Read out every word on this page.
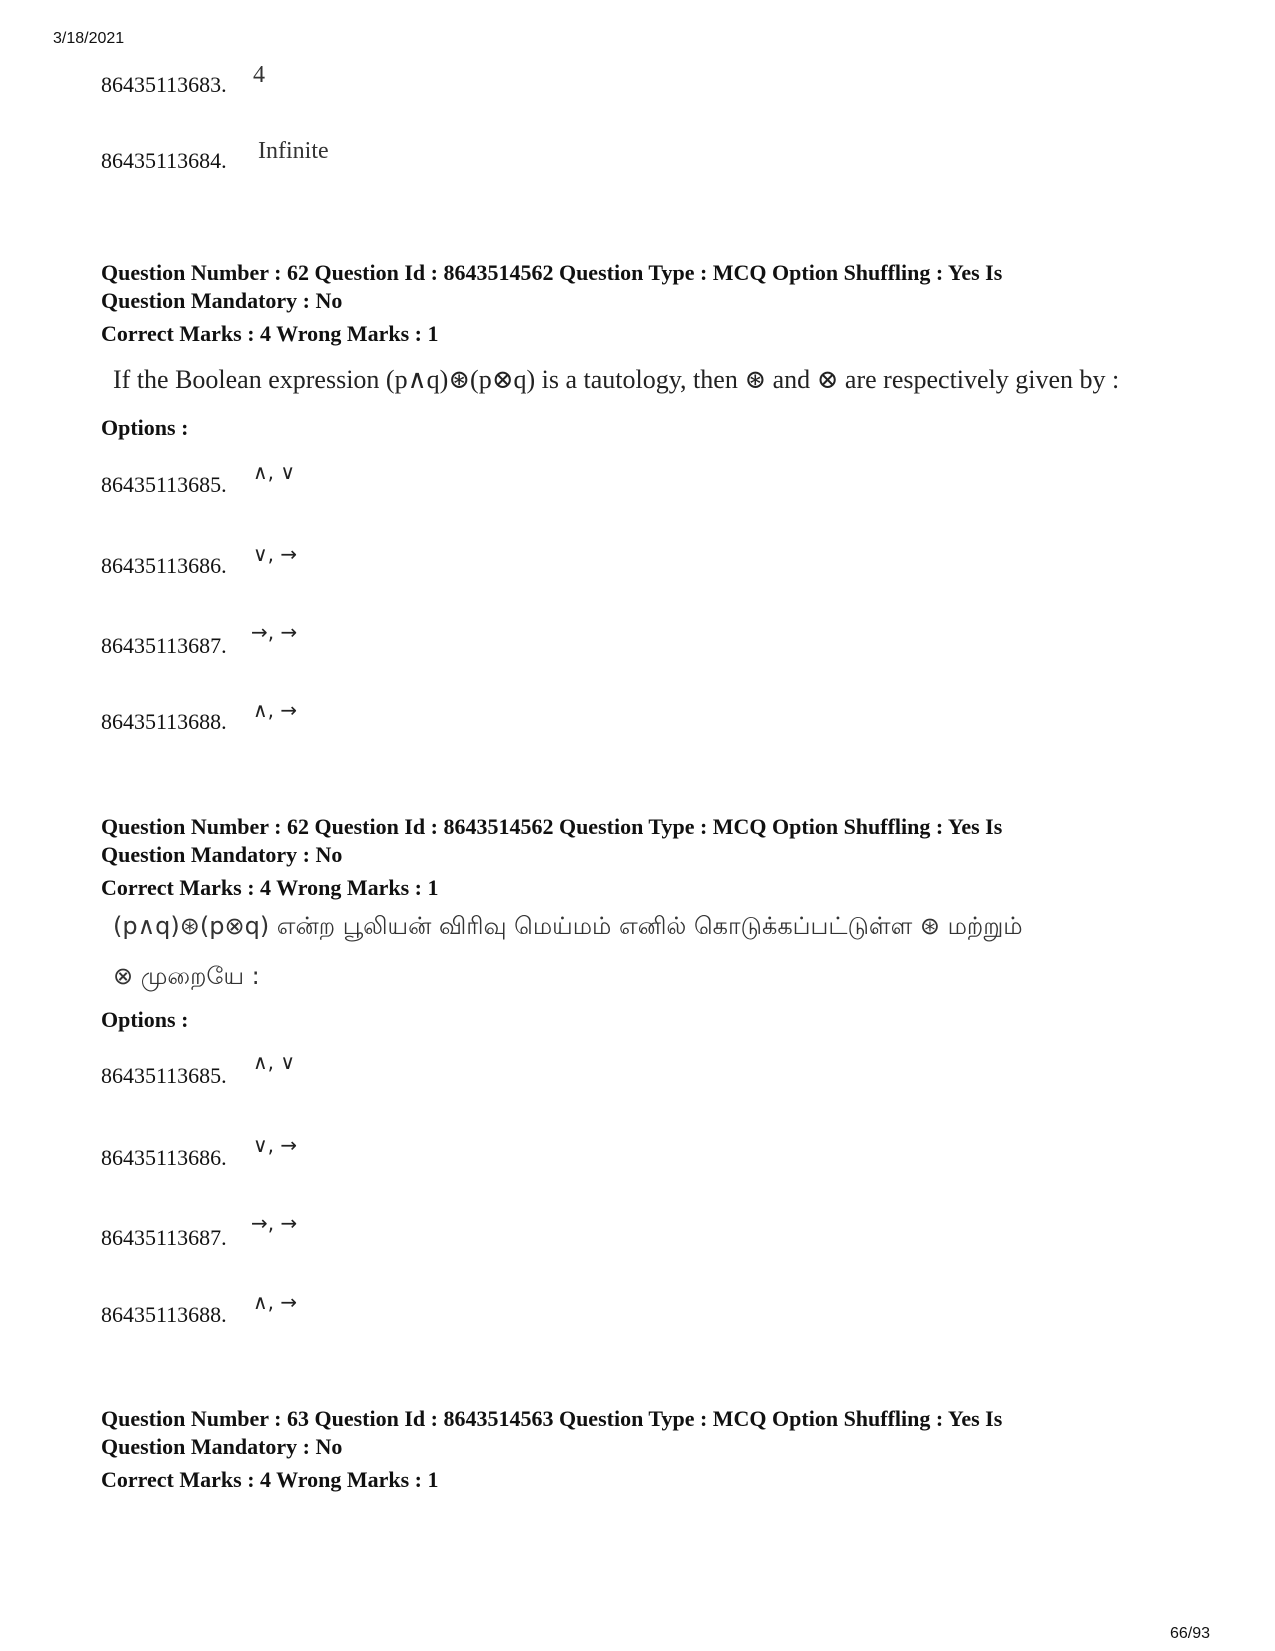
3/18/2021
86435113683. 4
86435113684. Infinite
Question Number : 62 Question Id : 8643514562 Question Type : MCQ Option Shuffling : Yes Is
Question Mandatory : No
Correct Marks : 4 Wrong Marks : 1
If the Boolean expression (p∧q)⊛(p⊗q) is a tautology, then ⊛ and ⊗ are respectively given by :
Options :
86435113685. ∧, ∨
86435113686. ∨, →
86435113687.
→, →
86435113688. ∧, →
Question Number : 62 Question Id : 8643514562 Question Type : MCQ Option Shuffling : Yes Is
Question Mandatory : No
Correct Marks : 4 Wrong Marks : 1
(p∧q)⊛(p⊗q) என்ற பூலியன் விரிவு மெய்மம் எனில் கொடுக்கப்பட்டுள்ள ⊛ மற்றும்
⊗ முறையே :
Options :
86435113685.
∧, ∨
86435113686. ∨, →
86435113687.
→, →
86435113688. ∧, →
Question Number : 63 Question Id : 8643514563 Question Type : MCQ Option Shuffling : Yes Is
Question Mandatory : No
Correct Marks : 4 Wrong Marks : 1
66/93
